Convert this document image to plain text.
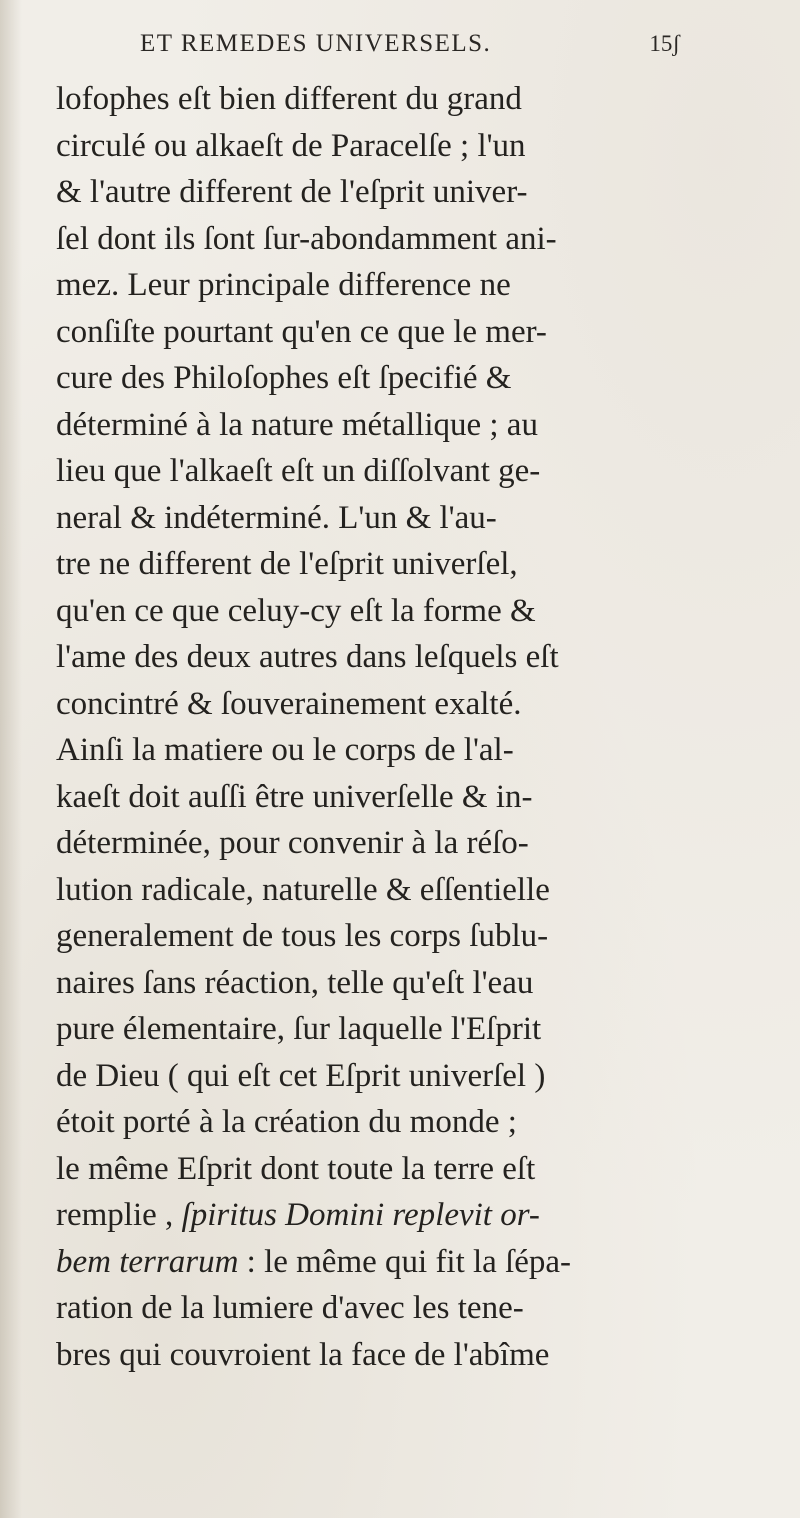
ET REMEDES UNIVERSELS.	15ʃ
lofophes eſt bien different du grand
circulé ou alkaeſt de Paracelſe ; l'un
& l'autre different de l'eſprit univer-
ſel dont ils ſont ſur-abondamment ani-
mez. Leur principale difference ne
conſiſte pourtant qu'en ce que le mer-
cure des Philoſophes eſt ſpecifié &
déterminé à la nature métallique ; au
lieu que l'alkaeſt eſt un diſſolvant ge-
neral & indéterminé. L'un & l'au-
tre ne different de l'eſprit univerſel,
qu'en ce que celuy-cy eſt la forme &
l'ame des deux autres dans leſquels eſt
concintré & ſouverainement exalté.
Ainſi la matiere ou le corps de l'al-
kaeſt doit auſſi être univerſelle & in-
déterminée, pour convenir à la réſo-
lution radicale, naturelle & eſſentielle
generalement de tous les corps ſublu-
naires ſans réaction, telle qu'eſt l'eau
pure élementaire, ſur laquelle l'Eſprit
de Dieu ( qui eſt cet Eſprit univerſel )
étoit porté à la création du monde ;
le même Eſprit dont toute la terre eſt
remplie , ſpiritus Domini replevit or-
bem terrarum : le même qui fit la ſépa-
ration de la lumiere d'avec les tene-
bres qui couvroient la face de l'abîme
